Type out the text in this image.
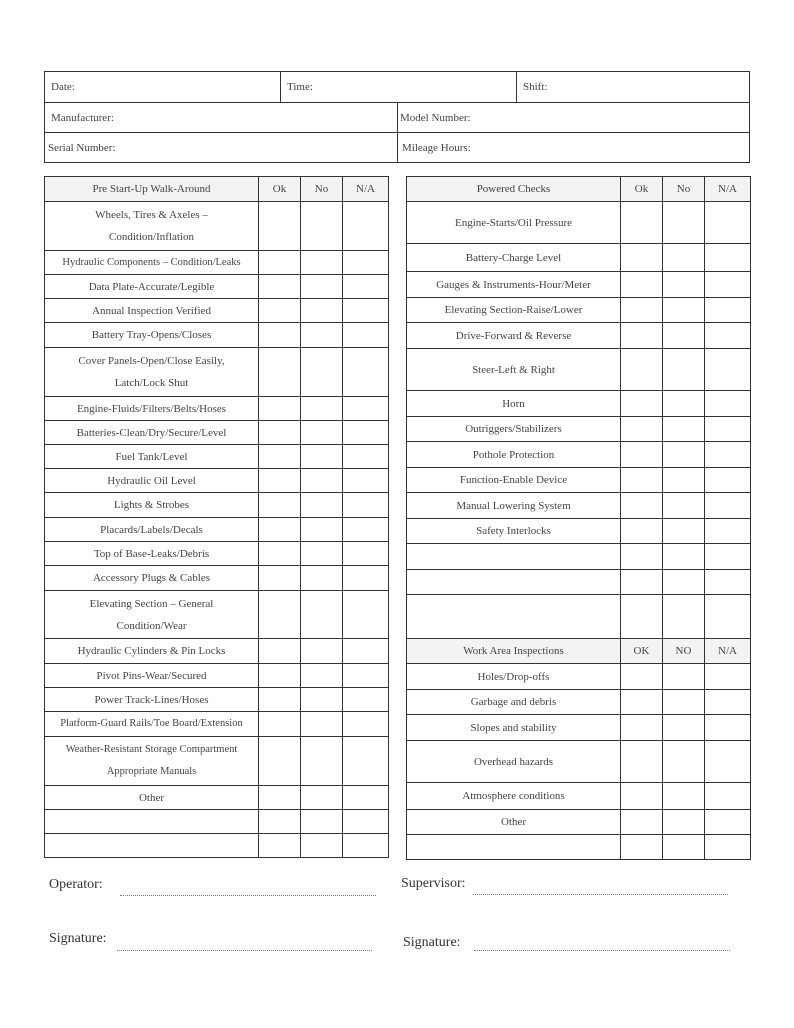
Date:	Time:	Shift:
Manufacturer:	Model Number:
Serial Number:	Mileage Hours:
Pre Start-Up Walk-Around	Ok	No	N/A
Wheels, Tires & Axeles – Condition/Inflation			
Hydraulic Components – Condition/Leaks			
Data Plate-Accurate/Legible			
Annual Inspection Verified			
Battery Tray-Opens/Closes			
Cover Panels-Open/Close Easily, Latch/Lock Shut			
Engine-Fluids/Filters/Belts/Hoses			
Batteries-Clean/Dry/Secure/Level			
Fuel Tank/Level			
Hydraulic Oil Level			
Lights & Strobes			
Placards/Labels/Decals			
Top of Base-Leaks/Debris			
Accessory Plugs & Cables			
Elevating Section – General Condition/Wear			
Hydraulic Cylinders & Pin Locks			
Pivot Pins-Wear/Secured			
Power Track-Lines/Hoses			
Platform-Guard Rails/Toe Board/Extension			
Weather-Resistant Storage Compartment Appropriate Manuals			
Other			

Powered Checks	Ok	No	N/A
Engine-Starts/Oil Pressure			
Battery-Charge Level			
Gauges & Instruments-Hour/Meter			
Elevating Section-Raise/Lower			
Drive-Forward & Reverse			
Steer-Left & Right			
Horn			
Outriggers/Stabilizers			
Pothole Protection			
Function-Enable Device			
Manual Lowering System			
Safety Interlocks			

Work Area Inspections	OK	NO	N/A
Holes/Drop-offs			
Garbage and debris			
Slopes and stability			
Overhead hazards			
Atmosphere conditions			
Other			

Operator:	Supervisor:
Signature:	Signature:
